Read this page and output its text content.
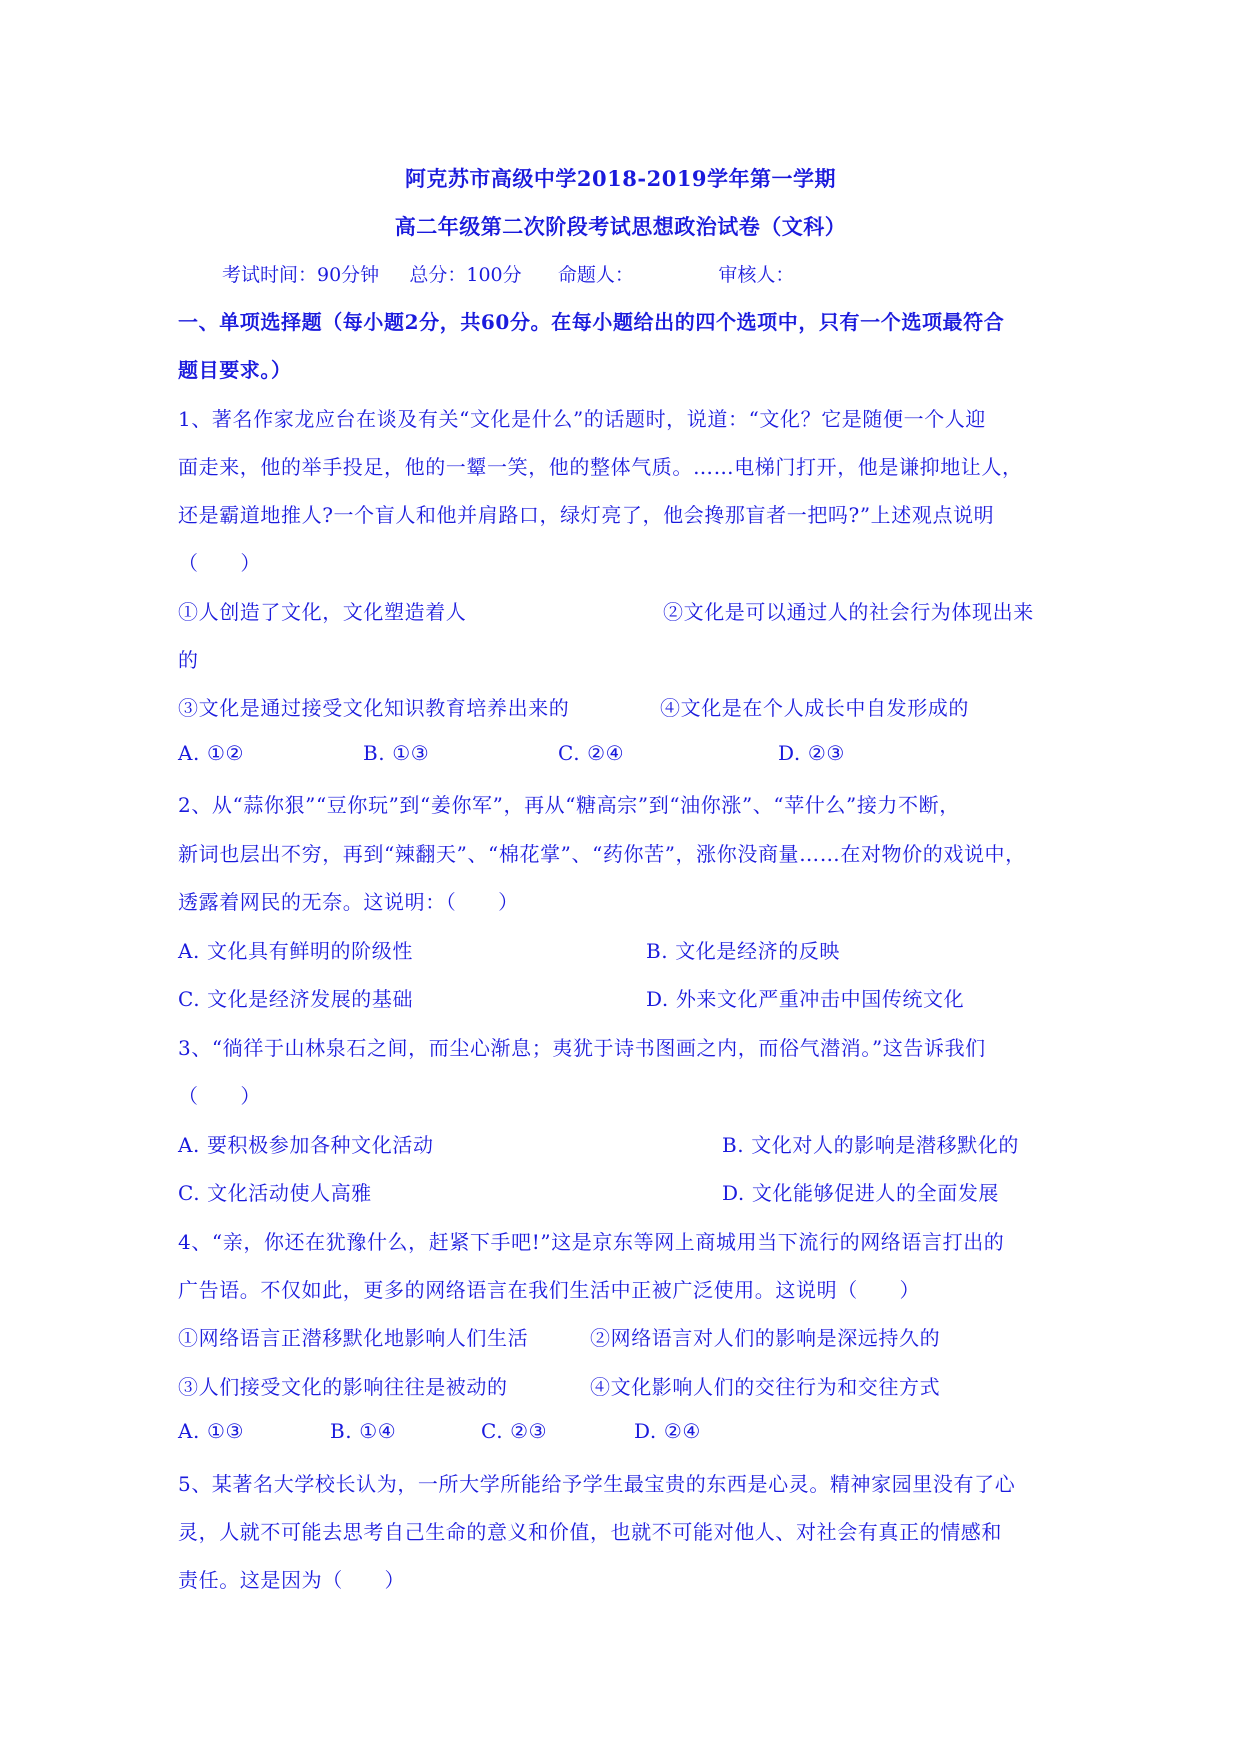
阿克苏市高级中学2018-2019学年第一学期
高二年级第二次阶段考试思想政治试卷（文科）
考试时间：90分钟     总分：100分      命题人：              审核人：
一、单项选择题（每小题2分，共60分。在每小题给出的四个选项中，只有一个选项最符合
题目要求。）
1、著名作家龙应台在谈及有关“文化是什么”的话题时，说道：“文化？它是随便一个人迎
面走来，他的举手投足，他的一颦一笑，他的整体气质。……电梯门打开，他是谦抑地让人，
还是霸道地推人?一个盲人和他并肩路口，绿灯亮了，他会搀那盲者一把吗?”上述观点说明
（      ）
①人创造了文化，文化塑造着人	②文化是可以通过人的社会行为体现出来
的
③文化是通过接受文化知识教育培养出来的	④文化是在个人成长中自发形成的
A. ①②	B. ①③	C. ②④	D. ②③
2、从“蒜你狠”“豆你玩”到“姜你军”，再从“糖高宗”到“油你涨”、“苹什么”接力不断，
新词也层出不穷，再到“辣翻天”、“棉花掌”、“药你苦”，涨你没商量……在对物价的戏说中，
透露着网民的无奈。这说明：（      ）
A. 文化具有鲜明的阶级性	B. 文化是经济的反映
C. 文化是经济发展的基础	D. 外来文化严重冲击中国传统文化
3、“徜徉于山林泉石之间，而尘心渐息；夷犹于诗书图画之内，而俗气潜消。”这告诉我们
（      ）
A. 要积极参加各种文化活动	B. 文化对人的影响是潜移默化的
C. 文化活动使人高雅	D. 文化能够促进人的全面发展
4、“亲，你还在犹豫什么，赶紧下手吧!”这是京东等网上商城用当下流行的网络语言打出的
广告语。不仅如此，更多的网络语言在我们生活中正被广泛使用。这说明（      ）
①网络语言正潜移默化地影响人们生活	②网络语言对人们的影响是深远持久的
③人们接受文化的影响往往是被动的	④文化影响人们的交往行为和交往方式
A. ①③	B. ①④	C. ②③	D. ②④
5、某著名大学校长认为，一所大学所能给予学生最宝贵的东西是心灵。精神家园里没有了心
灵，人就不可能去思考自己生命的意义和价值，也就不可能对他人、对社会有真正的情感和
责任。这是因为（      ）
